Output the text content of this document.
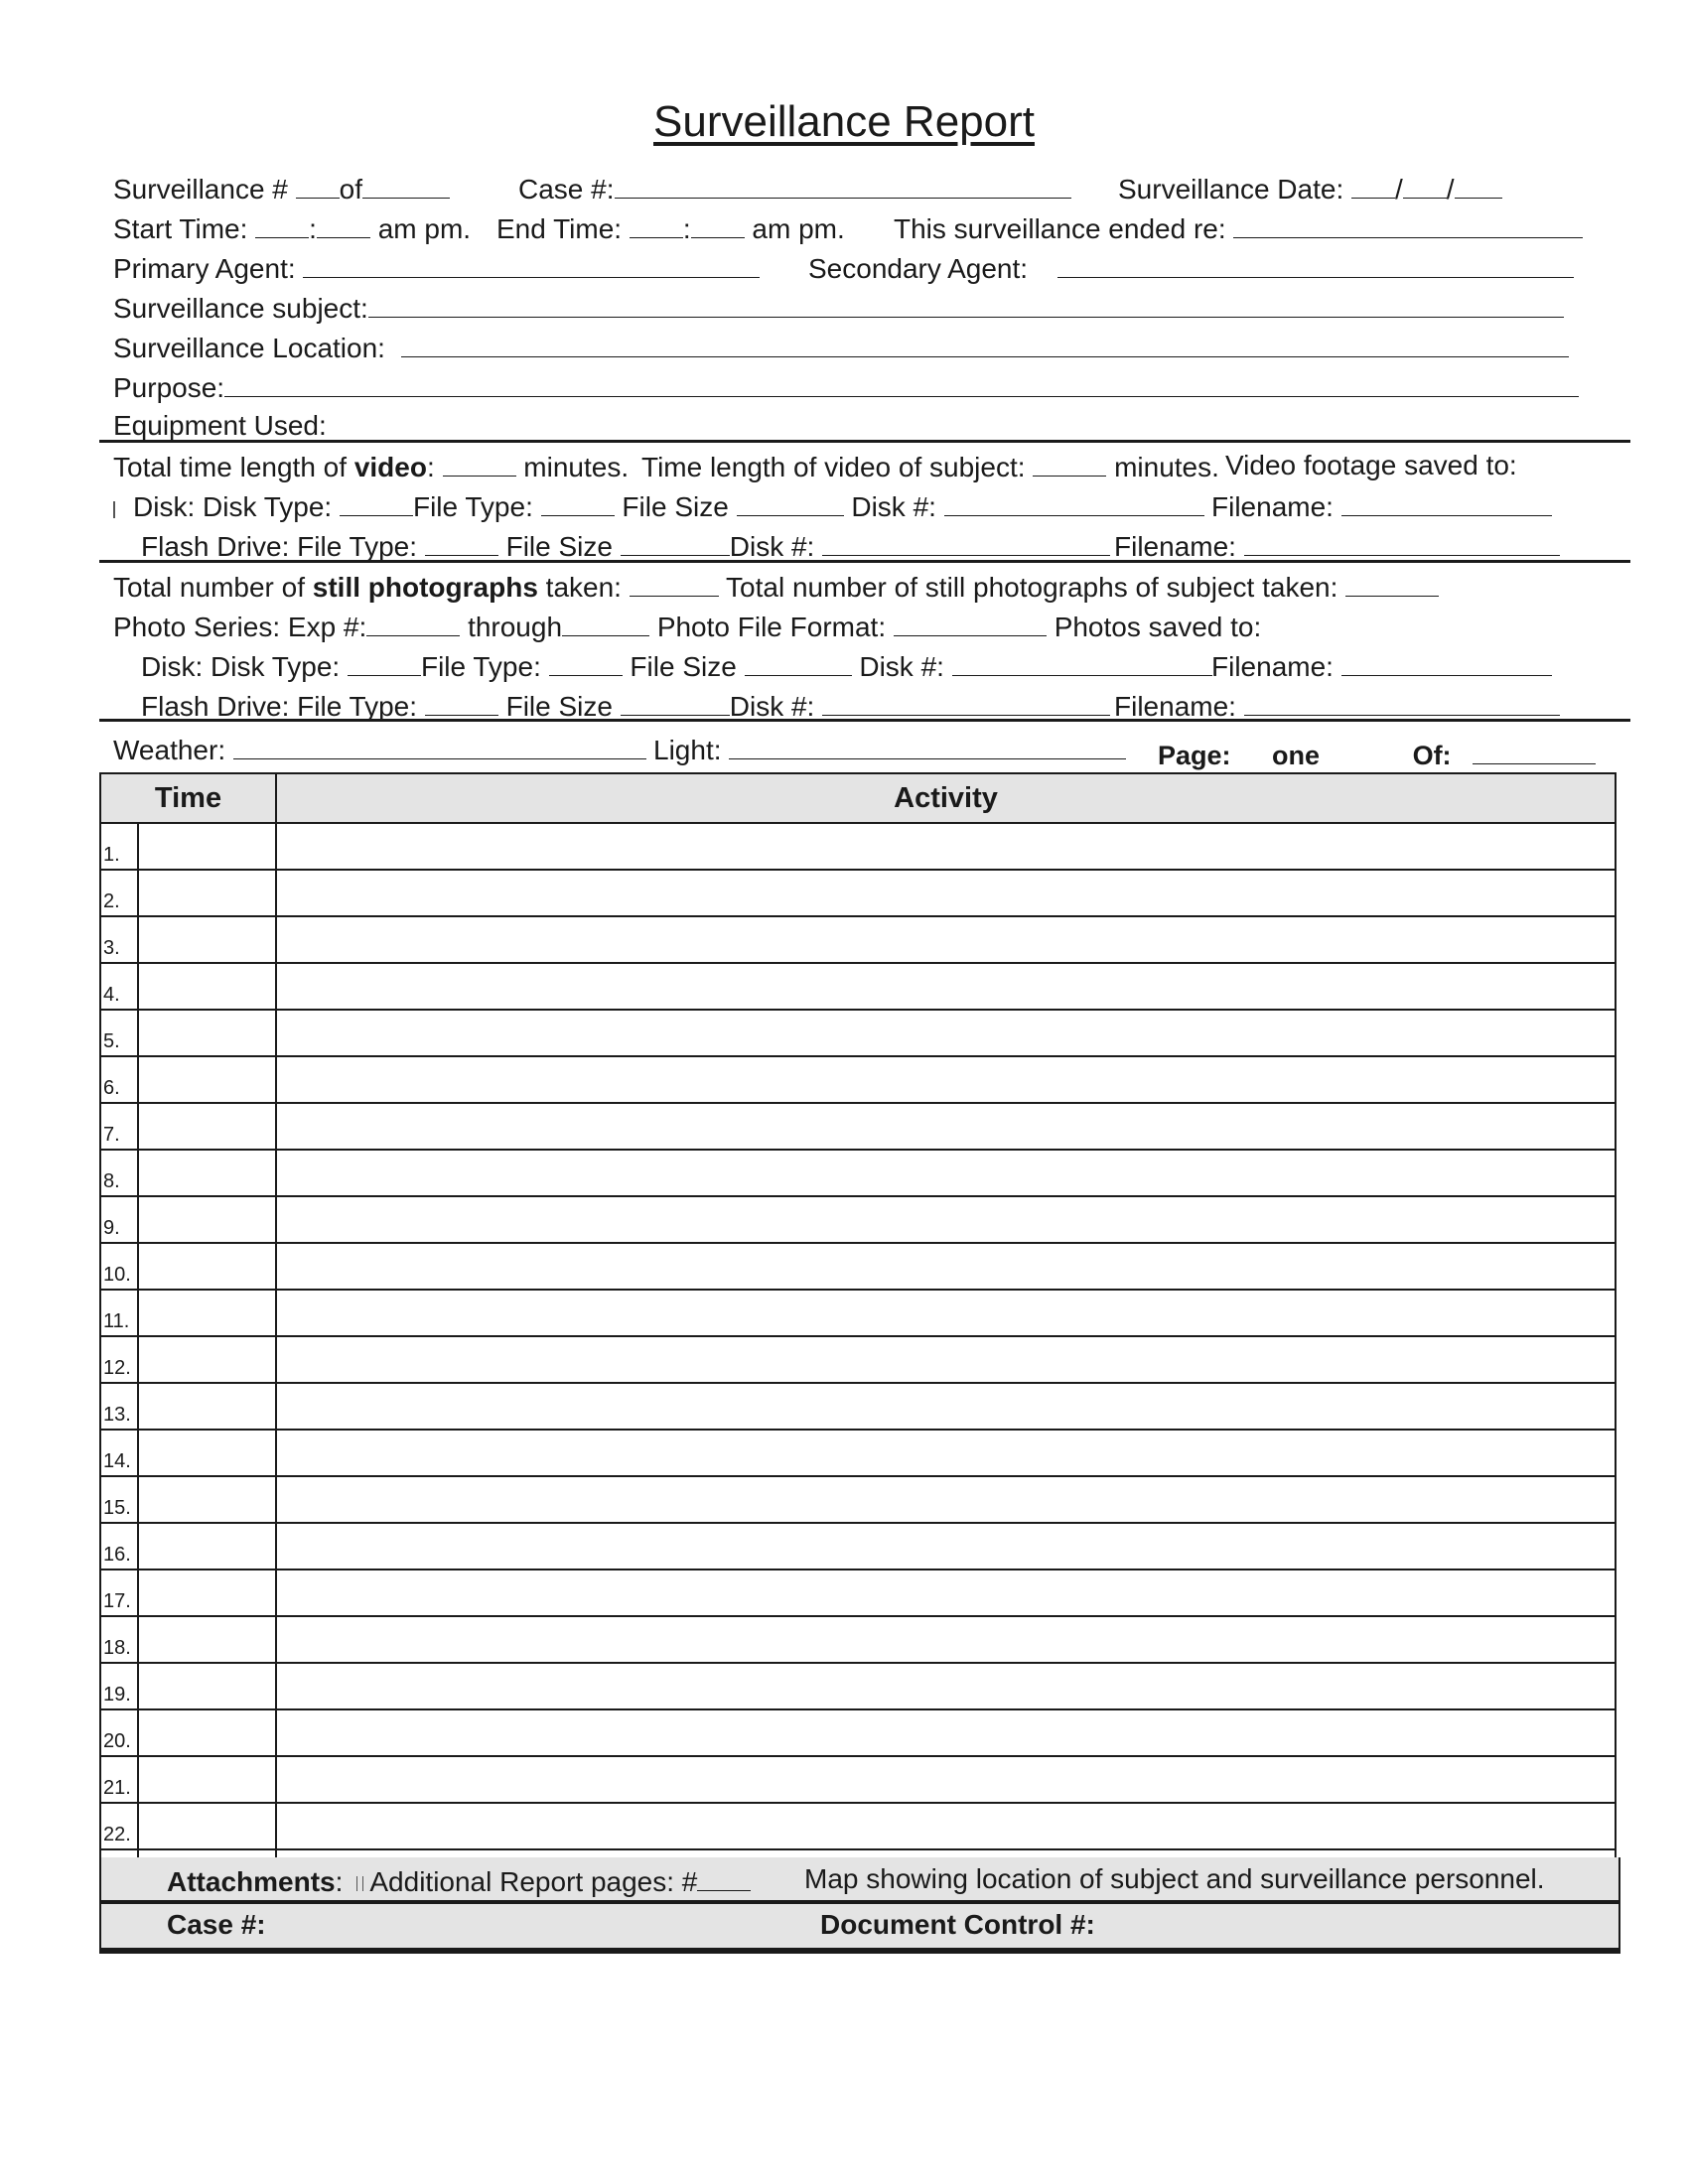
Surveillance Report
Surveillance # of	Case #:	Surveillance Date: / /
Start Time: : am pm. End Time: : am pm. This surveillance ended re:
Primary Agent:	Secondary Agent:
Surveillance subject:
Surveillance Location:
Purpose:
Equipment Used:
Total time length of video:	minutes. Time length of video of subject:	minutes. Video footage saved to:
Disk: Disk Type:	File Type:	File Size	Disk #:	Filename:
Flash Drive: File Type:	File Size	Disk #:	Filename:
Total number of still photographs taken:	Total number of still photographs of subject taken:
Photo Series: Exp #:	through	Photo File Format:	Photos saved to:
Disk: Disk Type:	File Type:	File Size	Disk #:	Filename:
Flash Drive: File Type:	File Size	Disk #:	Filename:
Weather:	Light:	Page: one	Of:
Time		Activity
1.		
2.		
3.		
4.		
5.		
6.		
7.		
8.		
9.		
10.		
11.		
12.		
13.		
14.		
15.		
16.		
17.		
18.		
19.		
20.		
21.		
22.		

Attachments: Additional Report pages: #	Map showing location of subject and surveillance personnel.
Case #:	Document Control #:
